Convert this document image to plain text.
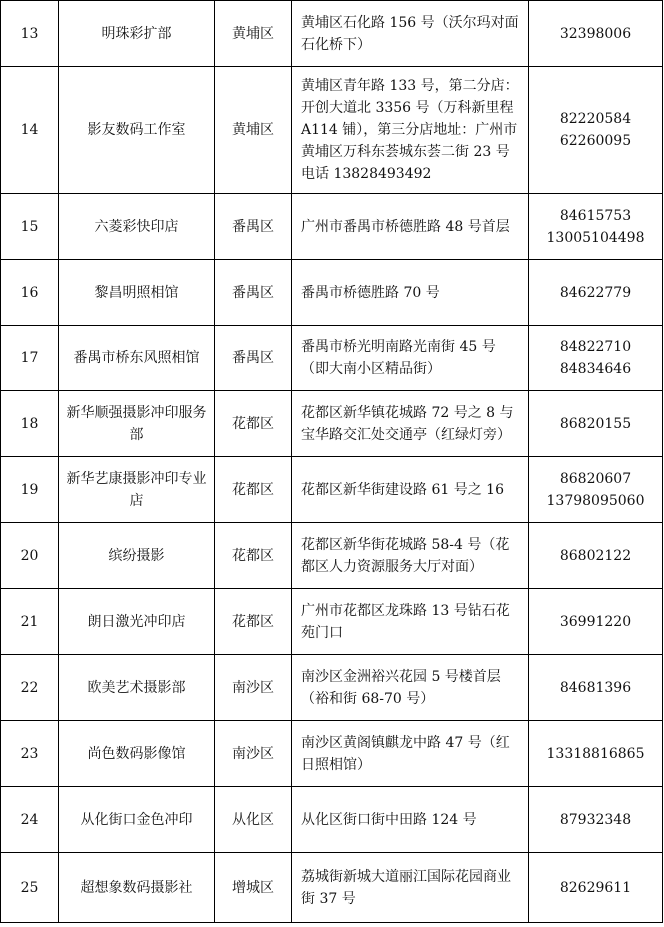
13	明珠彩扩部	黄埔区	黄埔区石化路 156 号（沃尔玛对面石化桥下）	32398006
14	影友数码工作室	黄埔区	黄埔区青年路 133 号，第二分店：开创大道北 3356 号（万科新里程 A114 铺），第三分店地址：广州市黄埔区万科东荟城东荟二街 23 号 电话 13828493492	82220584
62260095
15	六菱彩快印店	番禺区	广州市番禺市桥德胜路 48 号首层	84615753
13005104498
16	黎昌明照相馆	番禺区	番禺市桥德胜路 70 号	84622779
17	番禺市桥东风照相馆	番禺区	番禺市桥光明南路光南街 45 号（即大南小区精品街）	84822710
84834646
18	新华顺强摄影冲印服务部	花都区	花都区新华镇花城路 72 号之 8 与宝华路交汇处交通亭（红绿灯旁）	86820155
19	新华艺康摄影冲印专业店	花都区	花都区新华街建设路 61 号之 16	86820607
13798095060
20	缤纷摄影	花都区	花都区新华街花城路 58-4 号（花都区人力资源服务大厅对面）	86802122
21	朗日激光冲印店	花都区	广州市花都区龙珠路 13 号钻石花苑门口	36991220
22	欧美艺术摄影部	南沙区	南沙区金洲裕兴花园 5 号楼首层（裕和街 68-70 号）	84681396
23	尚色数码影像馆	南沙区	南沙区黄阁镇麒龙中路 47 号（红日照相馆）	13318816865
24	从化街口金色冲印	从化区	从化区街口街中田路 124 号	87932348
25	超想象数码摄影社	增城区	荔城街新城大道丽江国际花园商业街 37 号	82629611
